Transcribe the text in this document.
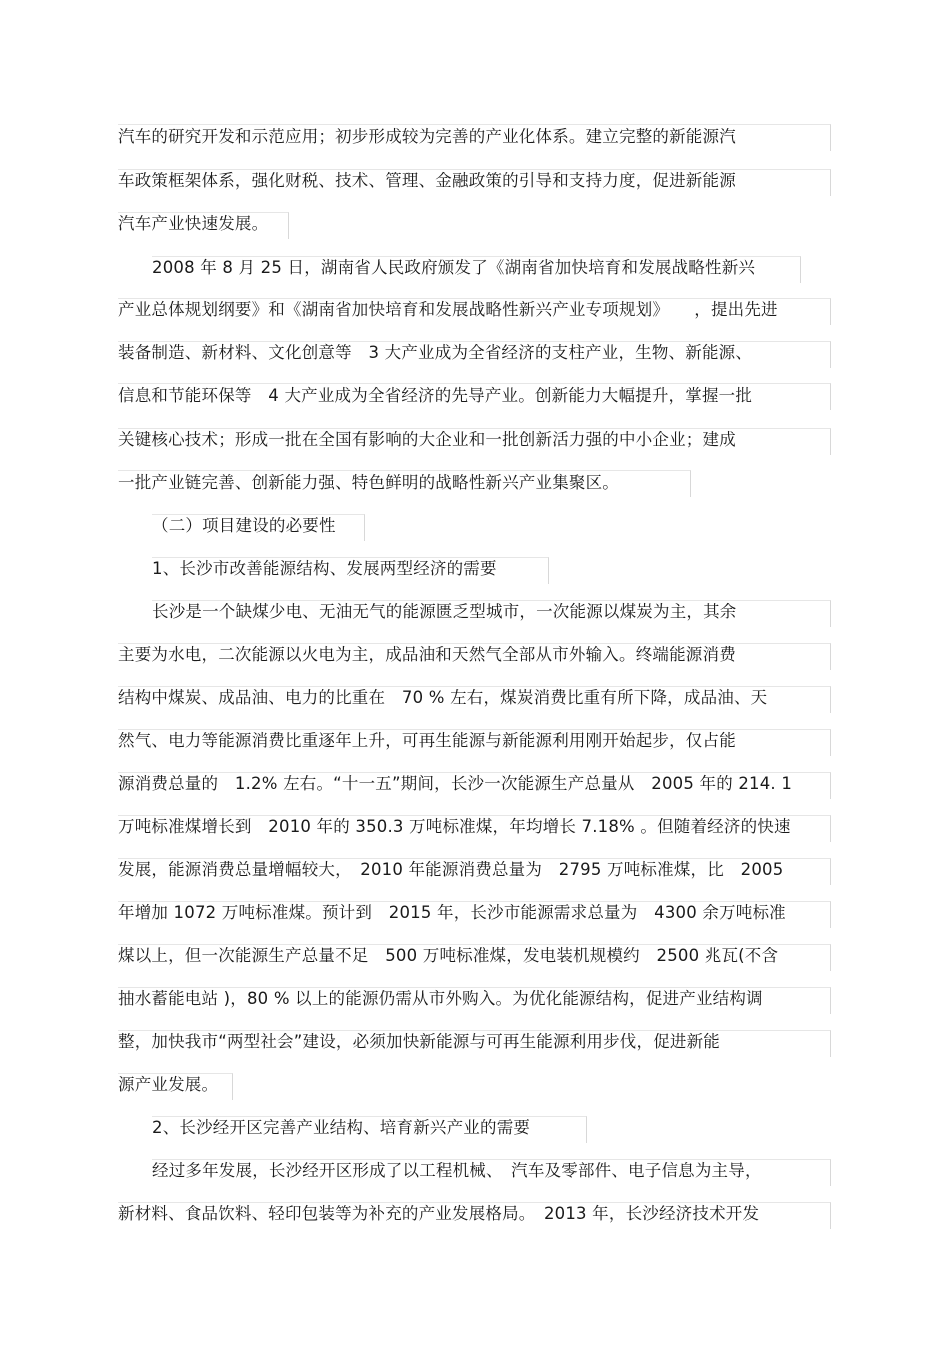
汽车的研究开发和示范应用；初步形成较为完善的产业化体系。建立完整的新能源汽
车政策框架体系，强化财税、技术、管理、金融政策的引导和支持力度，促进新能源
汽车产业快速发展。
2008 年 8 月 25 日，湖南省人民政府颁发了《湖南省加快培育和发展战略性新兴
产业总体规划纲要》和《湖南省加快培育和发展战略性新兴产业专项规划》　　，提出先进
装备制造、新材料、文化创意等　3 大产业成为全省经济的支柱产业，生物、新能源、
信息和节能环保等　4 大产业成为全省经济的先导产业。创新能力大幅提升，掌握一批
关键核心技术；形成一批在全国有影响的大企业和一批创新活力强的中小企业；建成
一批产业链完善、创新能力强、特色鲜明的战略性新兴产业集聚区。
（二）项目建设的必要性
1、长沙市改善能源结构、发展两型经济的需要
长沙是一个缺煤少电、无油无气的能源匮乏型城市，一次能源以煤炭为主，其余
主要为水电，二次能源以火电为主，成品油和天然气全部从市外输入。终端能源消费
结构中煤炭、成品油、电力的比重在　70 % 左右，煤炭消费比重有所下降，成品油、天
然气、电力等能源消费比重逐年上升，可再生能源与新能源利用刚开始起步，仅占能
源消费总量的　1.2% 左右。“十一五”期间，长沙一次能源生产总量从　2005 年的 214. 1
万吨标准煤增长到　2010 年的 350.3 万吨标准煤，年均增长 7.18% 。但随着经济的快速
发展，能源消费总量增幅较大，　2010 年能源消费总量为　2795 万吨标准煤，比　2005
年增加 1072 万吨标准煤。预计到　2015 年，长沙市能源需求总量为　4300 余万吨标准
煤以上，但一次能源生产总量不足　500 万吨标准煤，发电装机规模约　2500 兆瓦(不含
抽水蓄能电站 )，80 % 以上的能源仍需从市外购入。为优化能源结构，促进产业结构调
整，加快我市“两型社会”建设，必须加快新能源与可再生能源利用步伐，促进新能
源产业发展。
2、长沙经开区完善产业结构、培育新兴产业的需要
经过多年发展，长沙经开区形成了以工程机械、　汽车及零部件、电子信息为主导，
新材料、食品饮料、轻印包装等为补充的产业发展格局。　2013 年，长沙经济技术开发
